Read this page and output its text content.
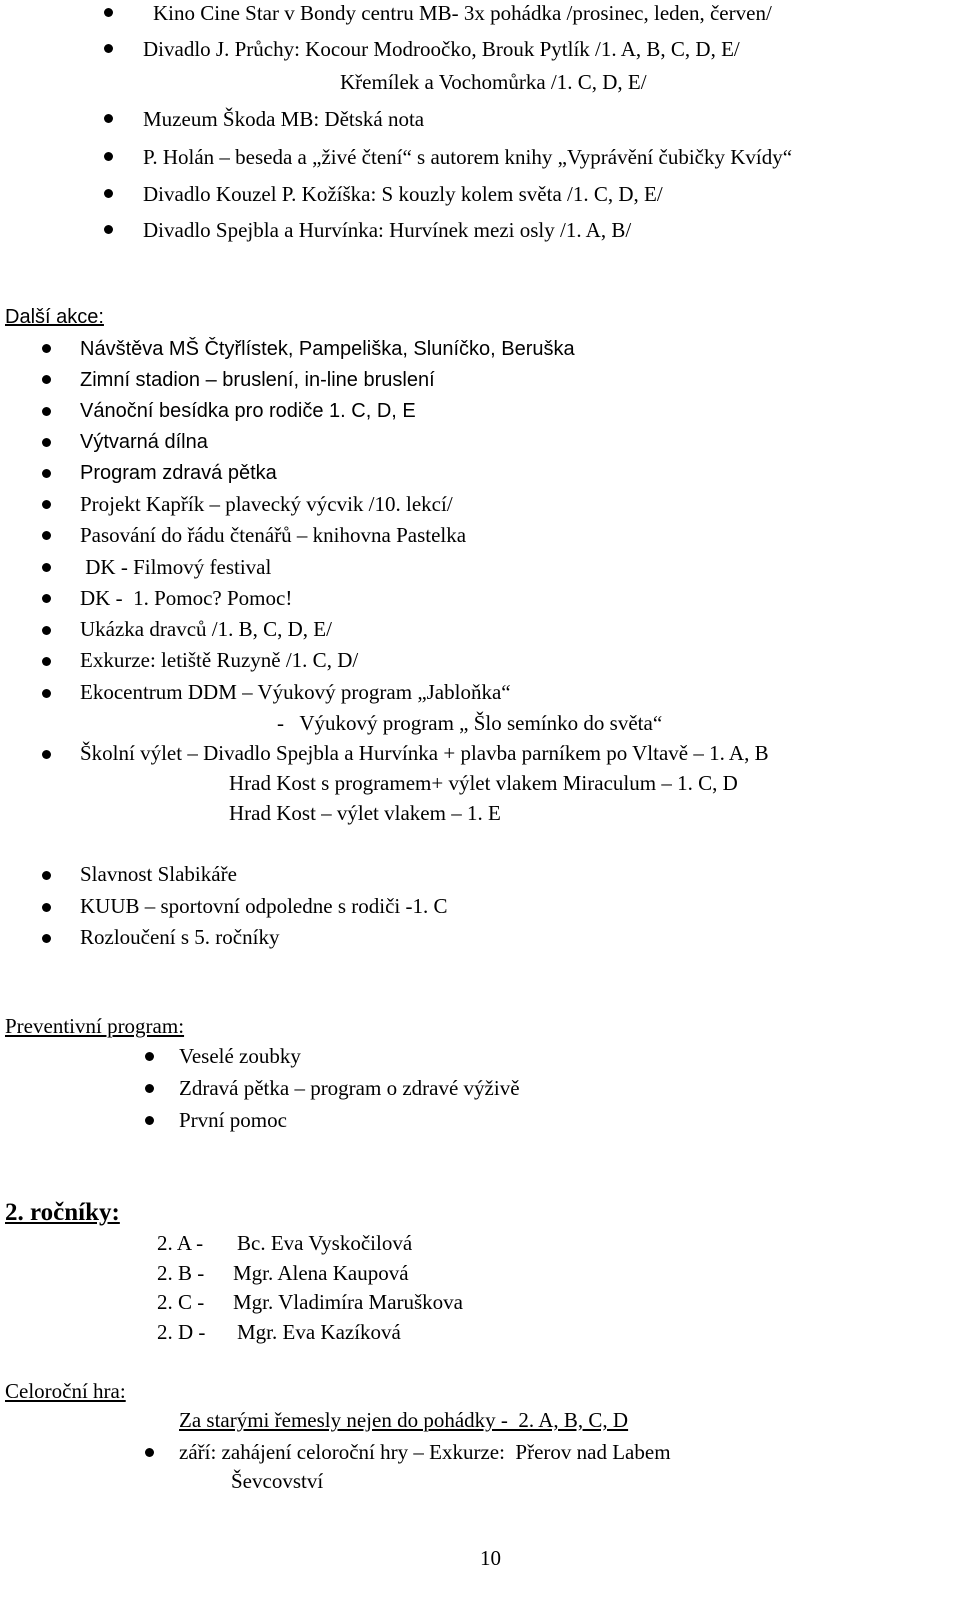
Kino Cine Star v Bondy centru MB- 3x pohádka /prosinec, leden, červen/
Divadlo J. Průchy: Kocour Modroočko, Brouk Pytlík /1. A, B, C, D, E/
Křemílek a Vochomůrka /1. C, D, E/
Muzeum Škoda MB: Dětská nota
P. Holán – beseda a „živé čtení“ s autorem knihy „Vyprávění čubičky Kvídy“
Divadlo Kouzel P. Kožíška: S kouzly kolem světa /1. C, D, E/
Divadlo Spejbla a Hurvínka: Hurvínek mezi osly /1. A, B/
Další akce:
Návštěva MŠ Čtyřlístek, Pampeliška, Sluníčko, Beruška
Zimní stadion – bruslení, in-line bruslení
Vánoční besídka pro rodiče 1. C, D, E
Výtvarná dílna
Program zdravá pětka
Projekt Kapřík – plavecký výcvik /10. lekcí/
Pasování do řádu čtenářů – knihovna Pastelka
DK - Filmový festival
DK -  1. Pomoc? Pomoc!
Ukázka dravců /1. B, C, D, E/
Exkurze: letiště Ruzyně /1. C, D/
Ekocentrum DDM – Výukový program „Jabloňka“
-   Výukový program „ Šlo semínko do světa“
Školní výlet – Divadlo Spejbla a Hurvínka + plavba parníkem po Vltavě – 1. A, B
Hrad Kost s programem+ výlet vlakem Miraculum – 1. C, D
Hrad Kost – výlet vlakem – 1. E
Slavnost Slabikáře
KUUB – sportovní odpoledne s rodiči -1. C
Rozloučení s 5. ročníky
Preventivní program:
Veselé zoubky
Zdravá pětka – program o zdravé výživě
První pomoc
2. ročníky:
2. A - Bc. Eva Vyskočilová
2. B - Mgr. Alena Kaupová
2. C - Mgr. Vladimíra Maruškova
2. D - Mgr. Eva Kazíková
Celoroční hra:
Za starými řemesly nejen do pohádky -  2. A, B, C, D
září: zahájení celoroční hry – Exkurze:  Přerov nad Labem
Ševcovství
10
